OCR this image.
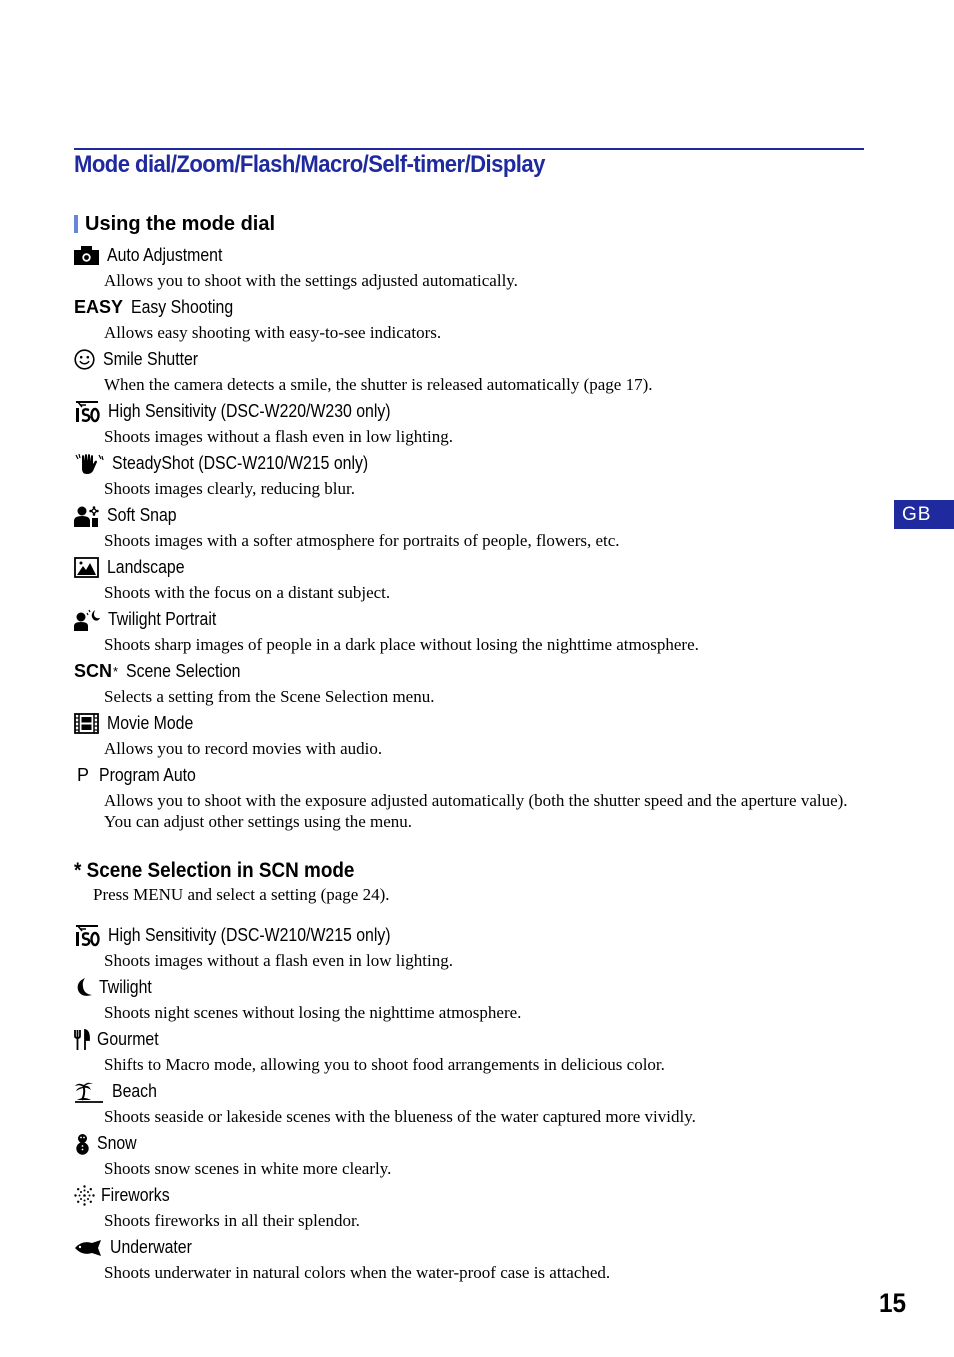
Mode dial/Zoom/Flash/Macro/Self-timer/Display
Using the mode dial
Auto Adjustment

Allows you to shoot with the settings adjusted automatically.

EASY Easy Shooting

Allows easy shooting with easy-to-see indicators.

Smile Shutter

When the camera detects a smile, the shutter is released automatically (page 17).

High Sensitivity (DSC-W220/W230 only)

Shoots images without a flash even in low lighting.

SteadyShot (DSC-W210/W215 only)

Shoots images clearly, reducing blur.

Soft Snap

Shoots images with a softer atmosphere for portraits of people, flowers, etc.

Landscape

Shoots with the focus on a distant subject.

Twilight Portrait

Shoots sharp images of people in a dark place without losing the nighttime atmosphere.

SCN * Scene Selection

Selects a setting from the Scene Selection menu.

Movie Mode

Allows you to record movies with audio.

P Program Auto

Allows you to shoot with the exposure adjusted automatically (both the shutter speed and the aperture value). You can adjust other settings using the menu.

* Scene Selection in SCN mode

Press MENU and select a setting (page 24).

High Sensitivity (DSC-W210/W215 only)

Shoots images without a flash even in low lighting.

Twilight

Shoots night scenes without losing the nighttime atmosphere.

Gourmet

Shifts to Macro mode, allowing you to shoot food arrangements in delicious color.

Beach

Shoots seaside or lakeside scenes with the blueness of the water captured more vividly.

Snow

Shoots snow scenes in white more clearly.

Fireworks

Shoots fireworks in all their splendor.

Underwater

Shoots underwater in natural colors when the water-proof case is attached.

GB
15
